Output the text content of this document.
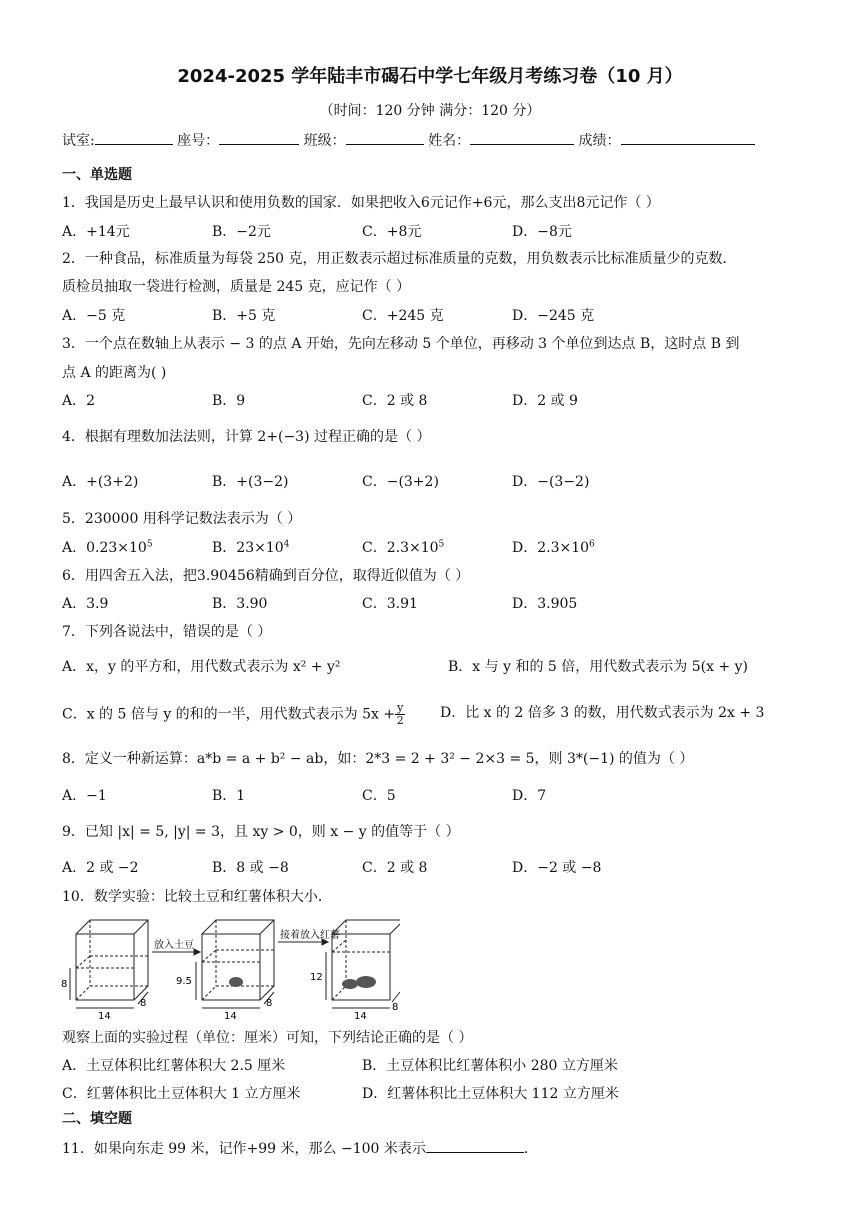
2024-2025 学年陆丰市碣石中学七年级月考练习卷（10 月）
（时间：120 分钟 满分：120 分）
试室:	座号：	班级：	姓名：	成绩：
一、单选题
1．我国是历史上最早认识和使用负数的国家．如果把收入6元记作+6元，那么支出8元记作（ ）
A．+14元	B．−2元	C．+8元	D．−8元
2．一种食品，标准质量为每袋 250 克，用正数表示超过标准质量的克数，用负数表示比标准质量少的克数．
质检员抽取一袋进行检测，质量是 245 克，应记作（ ）
A．−5 克	B．+5 克	C．+245 克	D．−245 克
3．一个点在数轴上从表示 − 3 的点 A 开始，先向左移动 5 个单位，再移动 3 个单位到达点 B，这时点 B 到
点 A 的距离为( )
A．2	B．9	C．2 或 8	D．2 或 9
4．根据有理数加法法则，计算 2+(−3) 过程正确的是（ ）
A．+(3+2)	B．+(3−2)	C．−(3+2)	D．−(3−2)
5．230000 用科学记数法表示为（ ）
A．$0.23\times 10^5$	B．$23\times 10^4$	C．$2.3\times 10^5$	D．$2.3\times 10^6$
6．用四舍五入法，把3.90456精确到百分位，取得近似值为（ ）
A．3.9	B．3.90	C．3.91	D．3.905
7．下列各说法中，错误的是（ ）
A．x，y 的平方和，用代数式表示为 x² + y²	B．x 与 y 和的 5 倍，用代数式表示为 5(x + y)
C．x 的 5 倍与 y 的和的一半，用代数式表示为 $5x + \frac{y}{2}$ D．比 x 的 2 倍多 3 的数，用代数式表示为 2x + 3
8．定义一种新运算：a*b = a + b² − ab，如：2*3 = 2 + 3² − 2×3 = 5，则 3*(−1) 的值为（ ）
A．−1	B．1	C．5	D．7
9．已知 |x| = 5, |y| = 3，且 xy > 0，则 x − y 的值等于（ ）
A．2 或 −2	B．8 或 −8	C．2 或 8	D．−2 或 −8
10．数学实验：比较土豆和红薯体积大小．
放入土豆
接着放入红薯
8	9.5	12
14	14	14
8	8	8
观察上面的实验过程（单位：厘米）可知，下列结论正确的是（ ）
A．土豆体积比红薯体积大 2.5 厘米	B．土豆体积比红薯体积小 280 立方厘米
C．红薯体积比土豆体积大 1 立方厘米	D．红薯体积比土豆体积大 112 立方厘米
二、填空题
11．如果向东走 99 米，记作+99 米，那么 −100 米表示	．
